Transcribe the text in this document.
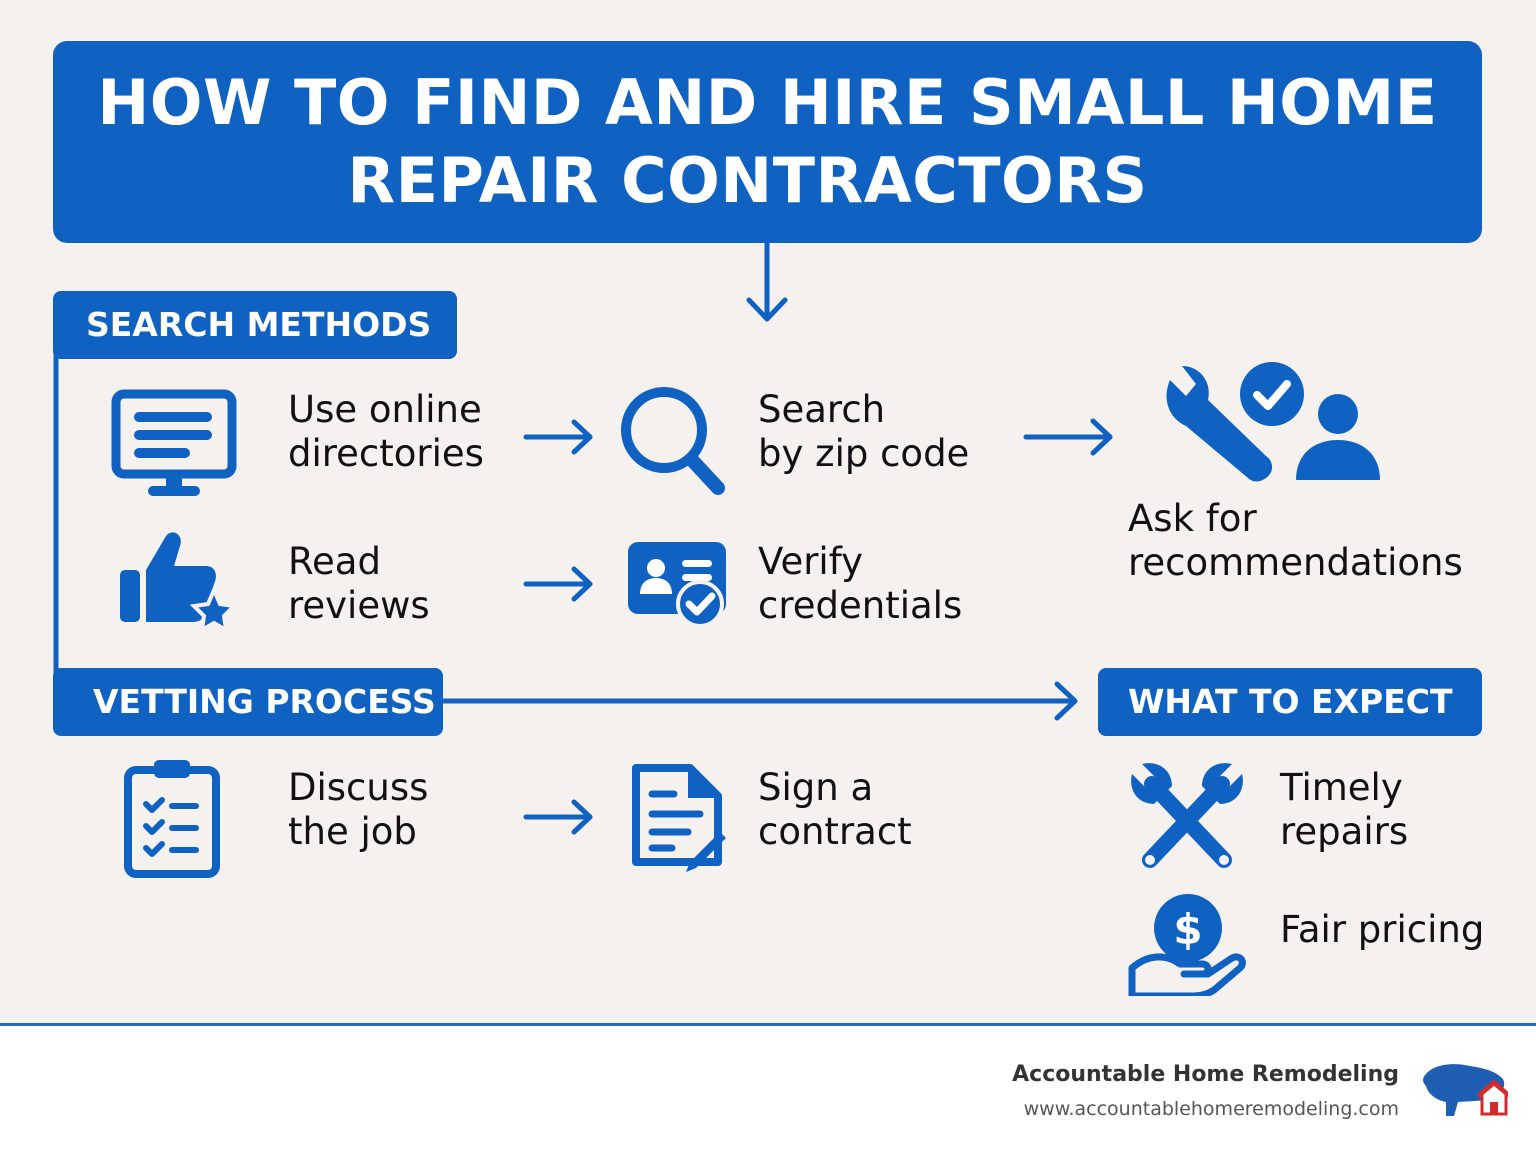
HOW TO FIND AND HIRE SMALL HOME
REPAIR CONTRACTORS
SEARCH METHODS
VETTING PROCESS	WHAT TO EXPECT
Use online
directories
Search
by zip code
Ask for
recommendations
Read
reviews
Verify
credentials
Discuss
the job
Sign a
contract
Timely
repairs
$ Fair pricing
Accountable Home Remodeling
www.accountablehomeremodeling.com
